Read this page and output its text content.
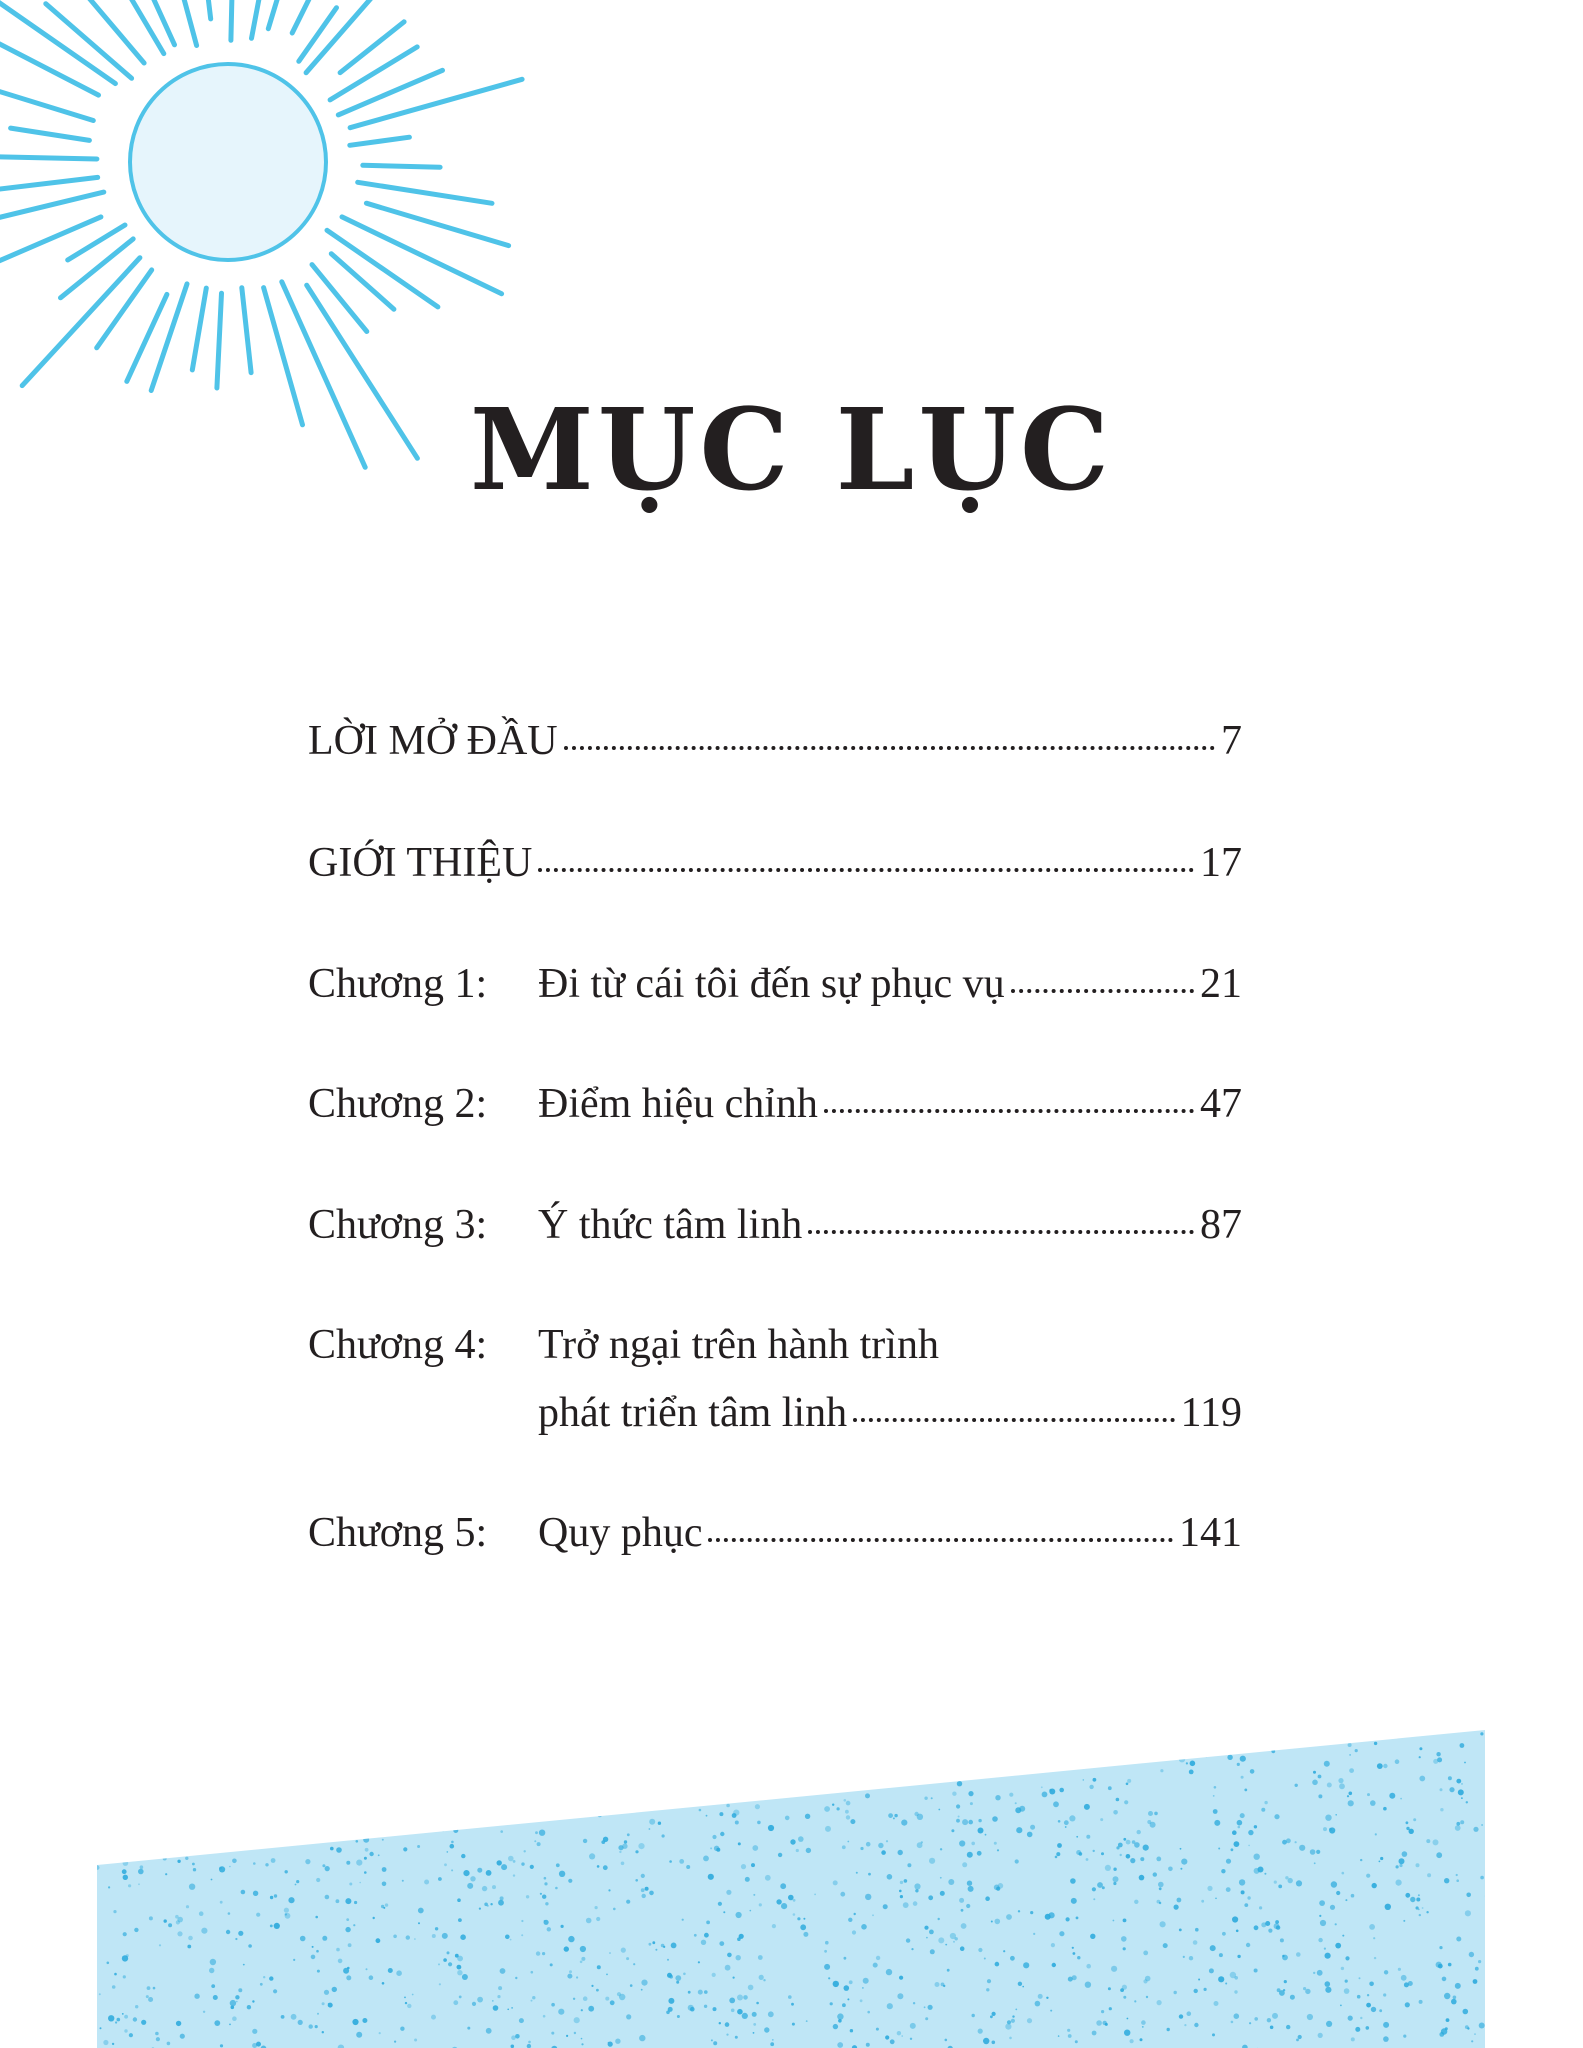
MỤC LỤC
LỜI MỞ ĐẦU	7
GIỚI THIỆU	17
Chương 1:	Đi từ cái tôi đến sự phục vụ	21
Chương 2:	Điểm hiệu chỉnh	47
Chương 3:	Ý thức tâm linh	87
Chương 4:	Trở ngại trên hành trình
phát triển tâm linh	119
Chương 5:	Quy phục	141
